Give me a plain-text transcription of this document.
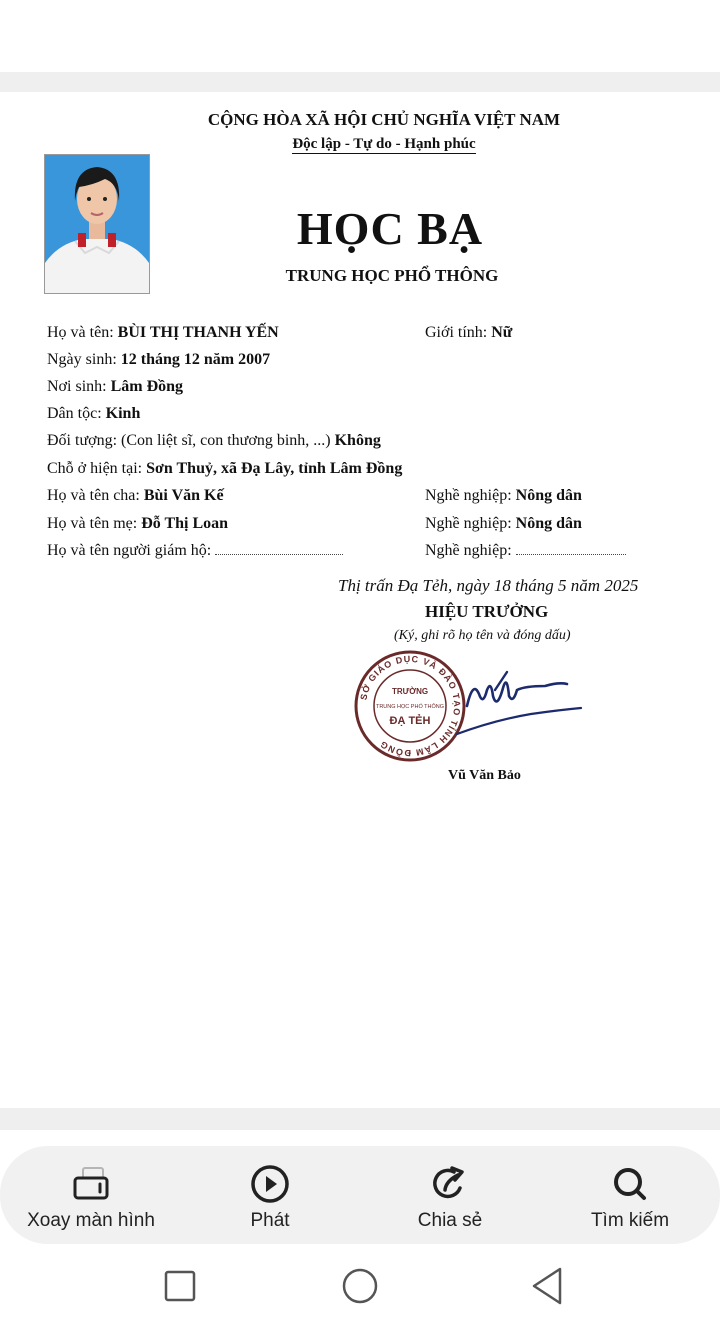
CỘNG HÒA XÃ HỘI CHỦ NGHĨA VIỆT NAM
Độc lập - Tự do - Hạnh phúc
HỌC BẠ
TRUNG HỌC PHỔ THÔNG
Họ và tên: BÙI THỊ THANH YẾN	Giới tính: Nữ
Ngày sinh: 12 tháng 12 năm 2007
Nơi sinh: Lâm Đồng
Dân tộc: Kinh
Đối tượng: (Con liệt sĩ, con thương binh, ...) Không
Chỗ ở hiện tại: Sơn Thuỷ, xã Đạ Lây, tỉnh Lâm Đồng
Họ và tên cha: Bùi Văn Kế	Nghề nghiệp: Nông dân
Họ và tên mẹ: Đỗ Thị Loan	Nghề nghiệp: Nông dân
Họ và tên người giám hộ:	Nghề nghiệp:
Thị trấn Đạ Tẻh, ngày 18 tháng 5 năm 2025
HIỆU TRƯỞNG
(Ký, ghi rõ họ tên và đóng dấu)
SỞ GIÁO DỤC VÀ ĐÀO TẠO TỈNH LÂM ĐỒNG
TRƯỜNG
TRUNG HỌC PHỔ THÔNG
ĐẠ TẺH
Vũ Văn Bảo
Xoay màn hình	Phát	Chia sẻ	Tìm kiếm
